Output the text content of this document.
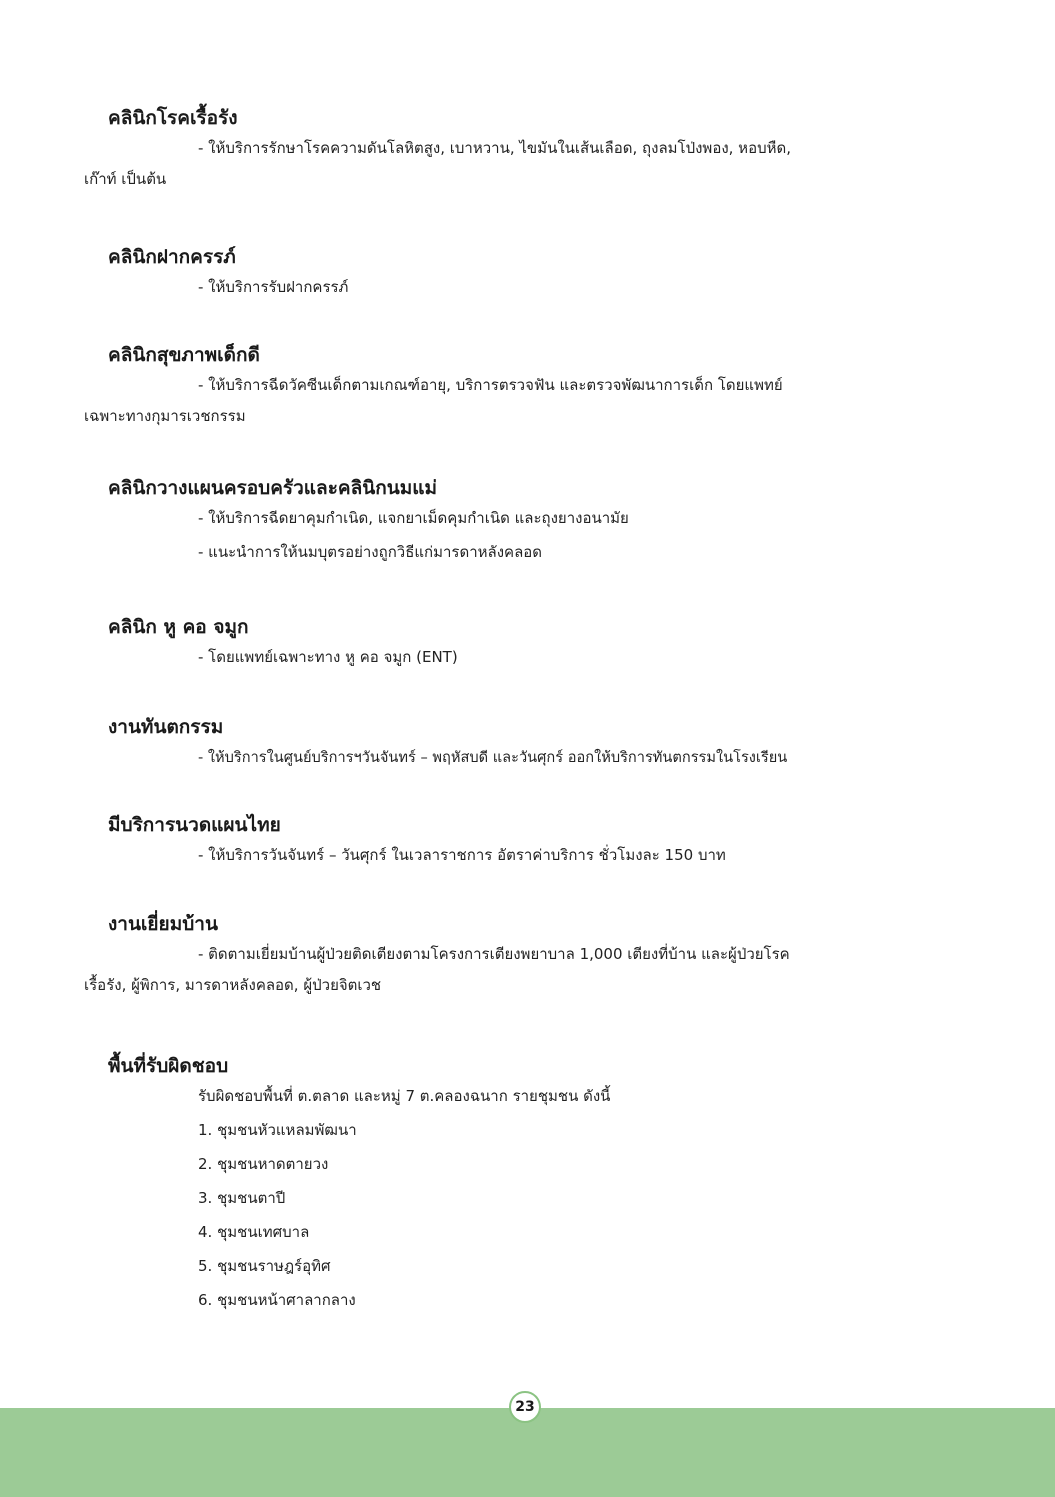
คลินิกโรคเรื้อรัง
- ให้บริการรักษาโรคความดันโลหิตสูง, เบาหวาน, ไขมันในเส้นเลือด, ถุงลมโป่งพอง, หอบหืด,
เก๊าท์ เป็นต้น
คลินิกฝากครรภ์
- ให้บริการรับฝากครรภ์
คลินิกสุขภาพเด็กดี
- ให้บริการฉีดวัคซีนเด็กตามเกณฑ์อายุ, บริการตรวจฟัน และตรวจพัฒนาการเด็ก โดยแพทย์
เฉพาะทางกุมารเวชกรรม
คลินิกวางแผนครอบครัวและคลินิกนมแม่
- ให้บริการฉีดยาคุมกำเนิด, แจกยาเม็ดคุมกำเนิด และถุงยางอนามัย
- แนะนำการให้นมบุตรอย่างถูกวิธีแก่มารดาหลังคลอด
คลินิก หู คอ จมูก
- โดยแพทย์เฉพาะทาง หู คอ จมูก (ENT)
งานทันตกรรม
- ให้บริการในศูนย์บริการฯวันจันทร์ – พฤหัสบดี และวันศุกร์ ออกให้บริการทันตกรรมในโรงเรียน
มีบริการนวดแผนไทย
- ให้บริการวันจันทร์ – วันศุกร์ ในเวลาราชการ อัตราค่าบริการ ชั่วโมงละ 150 บาท
งานเยี่ยมบ้าน
- ติดตามเยี่ยมบ้านผู้ป่วยติดเตียงตามโครงการเตียงพยาบาล 1,000 เตียงที่บ้าน และผู้ป่วยโรค
เรื้อรัง, ผู้พิการ, มารดาหลังคลอด, ผู้ป่วยจิตเวช
พื้นที่รับผิดชอบ
รับผิดชอบพื้นที่ ต.ตลาด และหมู่ 7 ต.คลองฉนาก รายชุมชน ดังนี้
1. ชุมชนหัวแหลมพัฒนา
2. ชุมชนหาดตายวง
3. ชุมชนตาปี
4. ชุมชนเทศบาล
5. ชุมชนราษฎร์อุทิศ
6. ชุมชนหน้าศาลากลาง
23
